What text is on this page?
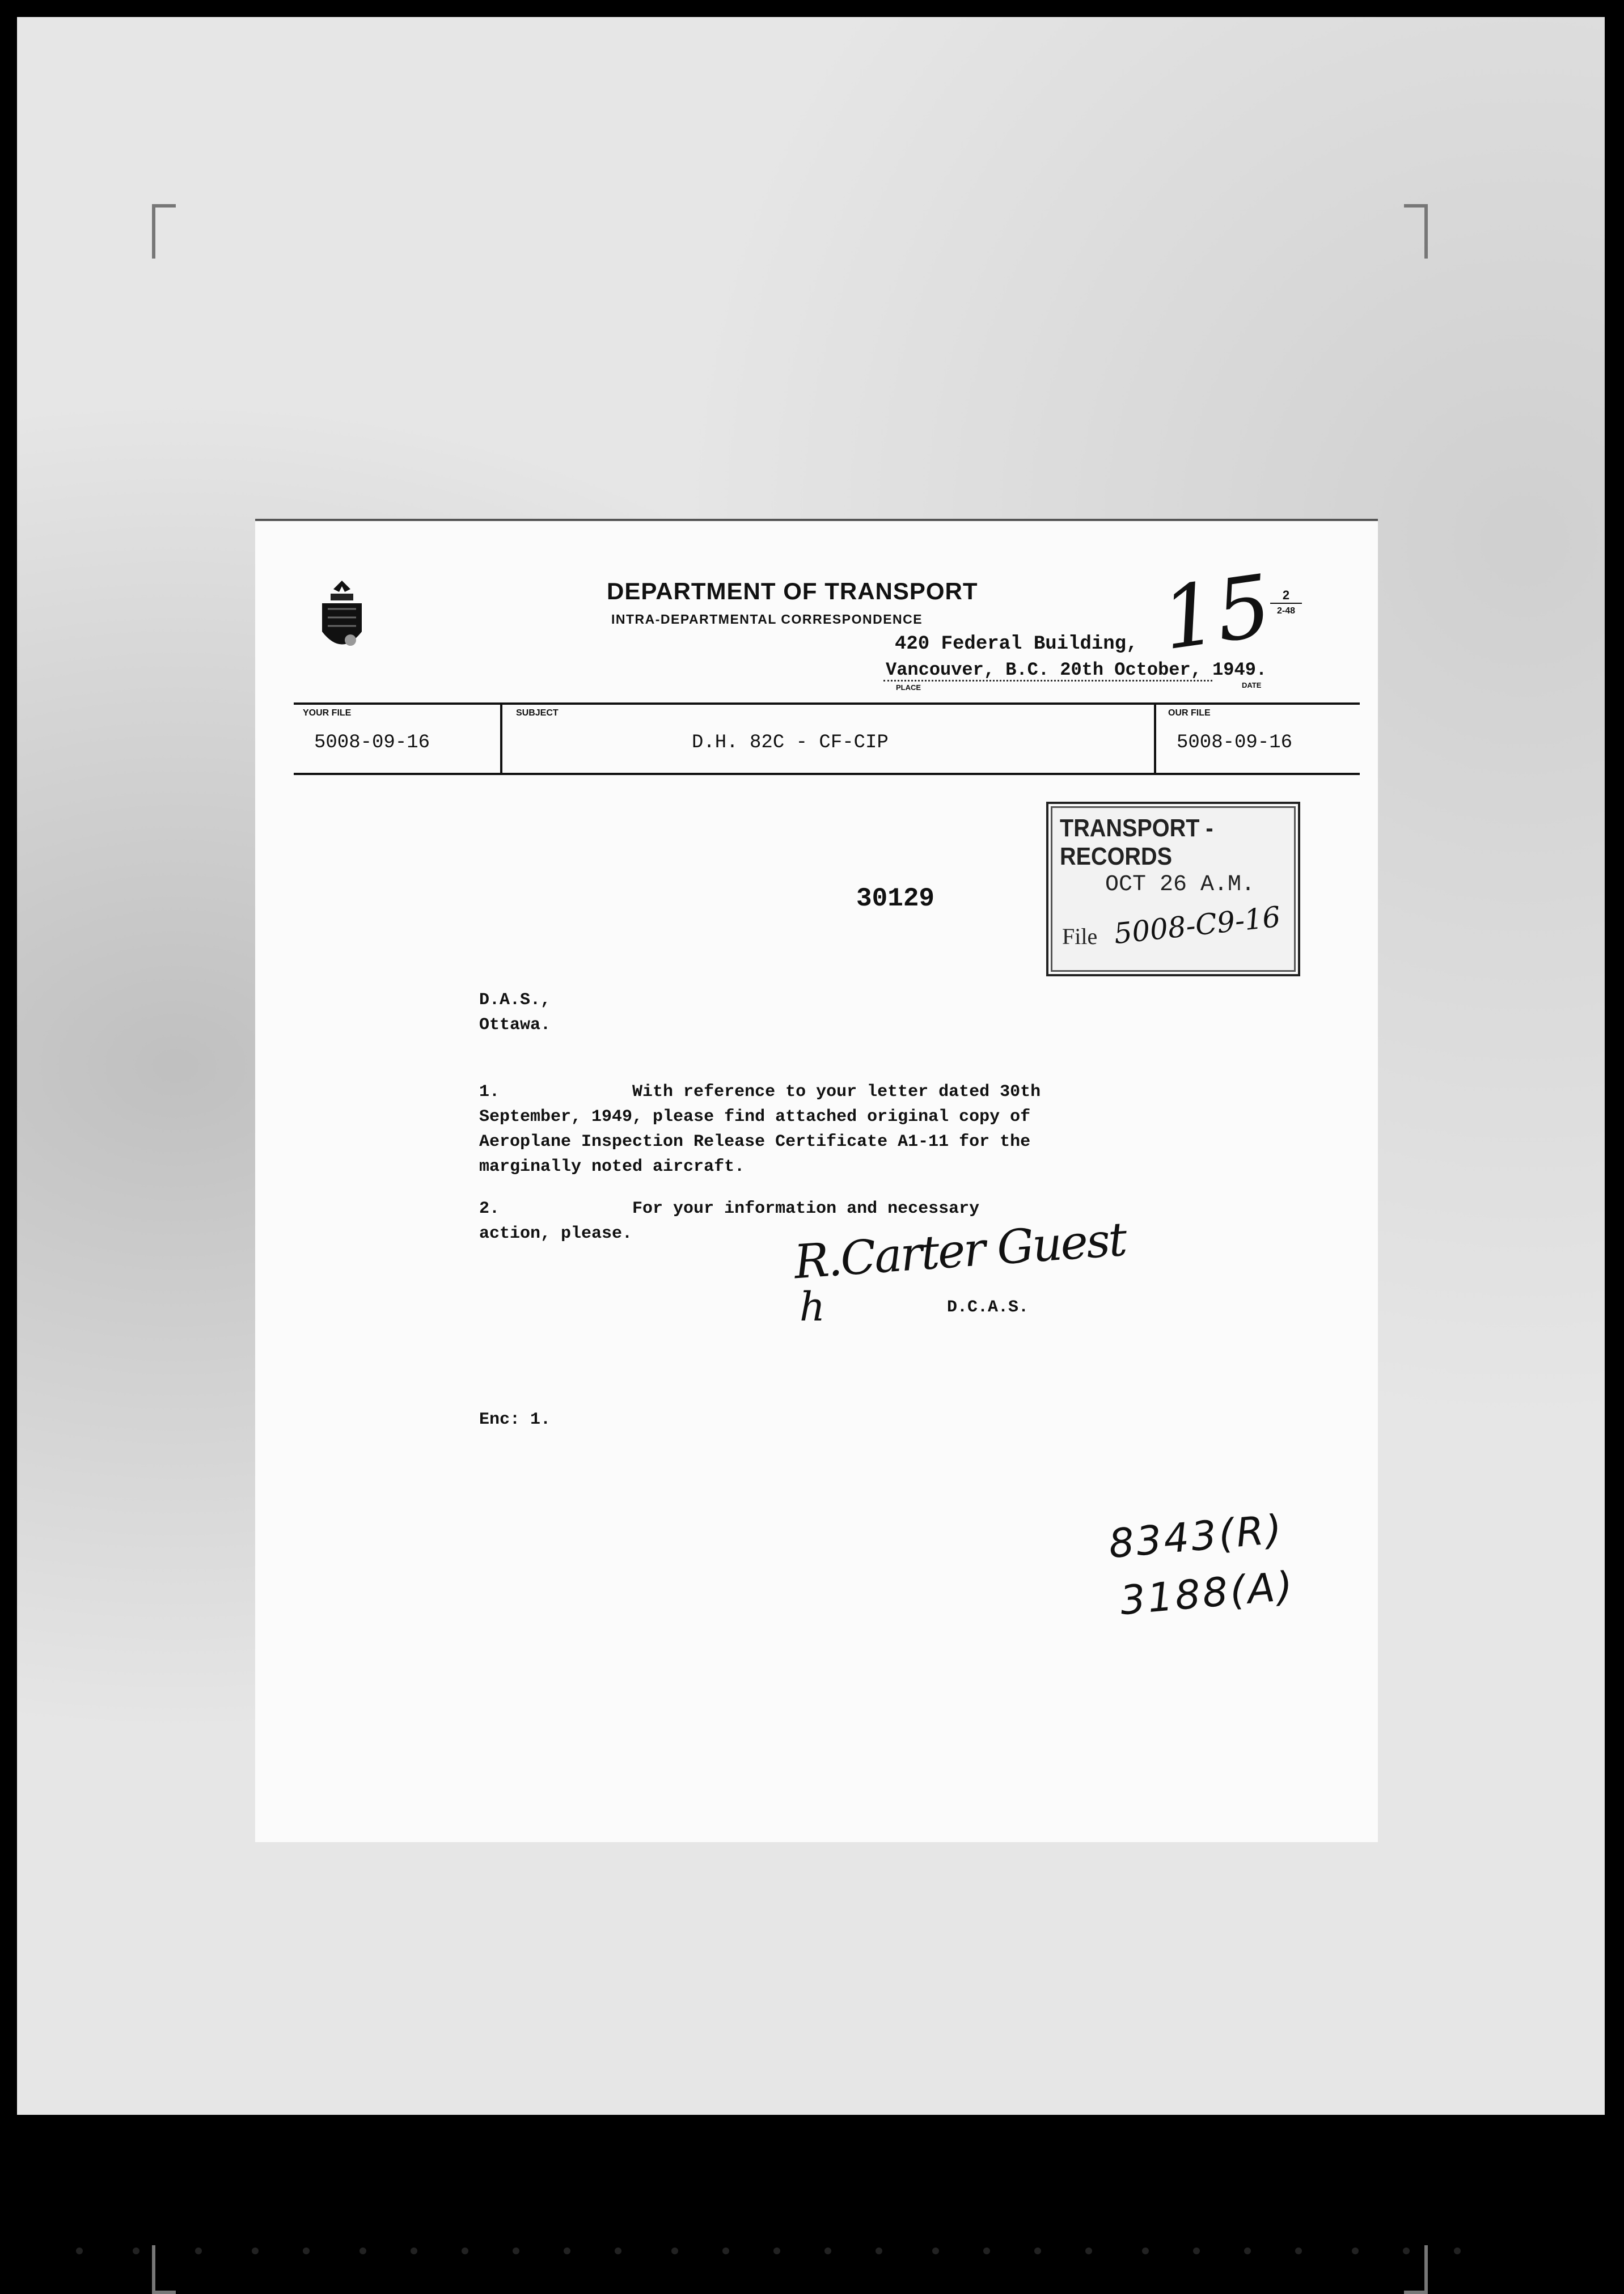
DEPARTMENT OF TRANSPORT
INTRA-DEPARTMENTAL CORRESPONDENCE	15 2
2-48
420 Federal Building,
Vancouver, B.C. 20th October, 1949.
PLACE	DATE
YOUR FILE
5008-09-16
SUBJECT
D.H. 82C - CF-CIP
OUR FILE
5008-09-16
TRANSPORT - RECORDS
OCT 26 A.M.
File 5008-C9-16
30129
D.A.S.,
Ottawa.
1.             With reference to your letter dated 30th
September, 1949, please find attached original copy of
Aeroplane Inspection Release Certificate A1-11 for the
marginally noted aircraft.
2.             For your information and necessary
action, please.	R.Carter Guest
D.C.A.S.
h
Enc: 1.
8343(R)
3188(A)
